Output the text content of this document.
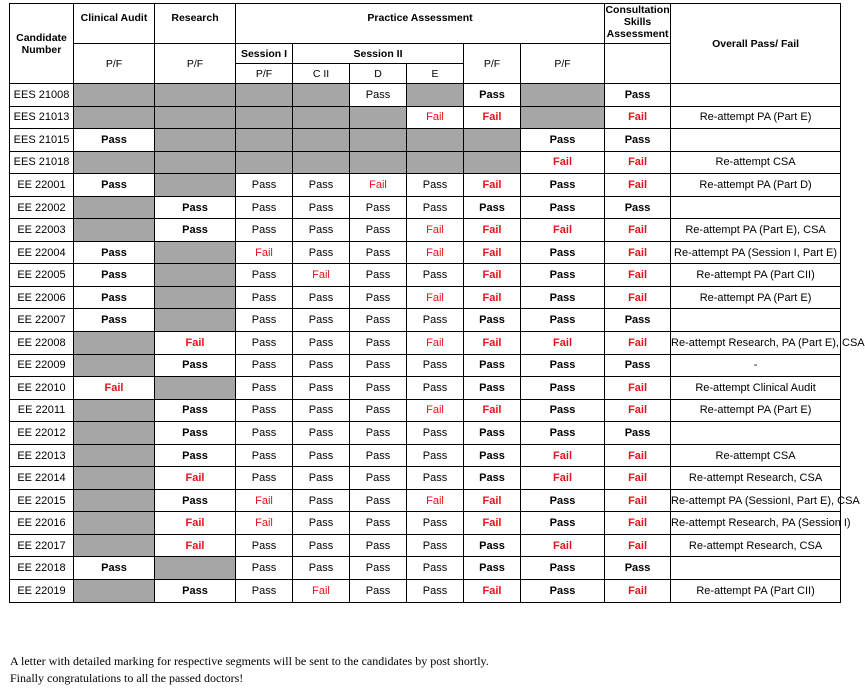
Candidate Number	Clinical Audit	Research	Practice Assessment						Consultation Skills Assessment	Overall Pass/ Fail	
	P/F	P/F	Session I	Session II			P/F	P/F			
			P/F	C II	D	E					
EES 21008					Pass		Pass		Pass		
EES 21013						Fail	Fail		Fail	Re-attempt PA (Part E)	
EES 21015	Pass							Pass	Pass		
EES 21018								Fail	Fail	Re-attempt CSA	
EE 22001	Pass		Pass	Pass	Fail	Pass	Fail	Pass	Fail	Re-attempt PA (Part D)	
EE 22002		Pass	Pass	Pass	Pass	Pass	Pass	Pass	Pass		
EE 22003		Pass	Pass	Pass	Pass	Fail	Fail	Fail	Fail	Re-attempt PA (Part E), CSA	
EE 22004	Pass		Fail	Pass	Pass	Fail	Fail	Pass	Fail	Re-attempt PA (Session I, Part E)	
EE 22005	Pass		Pass	Fail	Pass	Pass	Fail	Pass	Fail	Re-attempt PA (Part CII)	
EE 22006	Pass		Pass	Pass	Pass	Fail	Fail	Pass	Fail	Re-attempt PA (Part E)	
EE 22007	Pass		Pass	Pass	Pass	Pass	Pass	Pass	Pass		
EE 22008		Fail	Pass	Pass	Pass	Fail	Fail	Fail	Fail	Re-attempt Research, PA (Part E), CSA	
EE 22009		Pass	Pass	Pass	Pass	Pass	Pass	Pass	Pass	-	
EE 22010	Fail		Pass	Pass	Pass	Pass	Pass	Pass	Fail	Re-attempt Clinical Audit	
EE 22011		Pass	Pass	Pass	Pass	Fail	Fail	Pass	Fail	Re-attempt PA (Part E)	
EE 22012		Pass	Pass	Pass	Pass	Pass	Pass	Pass	Pass		
EE 22013		Pass	Pass	Pass	Pass	Pass	Pass	Fail	Fail	Re-attempt CSA	
EE 22014		Fail	Pass	Pass	Pass	Pass	Pass	Fail	Fail	Re-attempt Research, CSA	
EE 22015		Pass	Fail	Pass	Pass	Fail	Fail	Pass	Fail	Re-attempt PA (SessionI, Part E), CSA	
EE 22016		Fail	Fail	Pass	Pass	Pass	Fail	Pass	Fail	Re-attempt Research, PA (Session I)	
EE 22017		Fail	Pass	Pass	Pass	Pass	Pass	Fail	Fail	Re-attempt Research, CSA	
EE 22018	Pass		Pass	Pass	Pass	Pass	Pass	Pass	Pass		
EE 22019		Pass	Pass	Fail	Pass	Pass	Fail	Pass	Fail	Re-attempt PA (Part CII)	

A letter with detailed marking for respective segments will be sent to the candidates by post shortly.

Finally congratulations to all the passed doctors!
